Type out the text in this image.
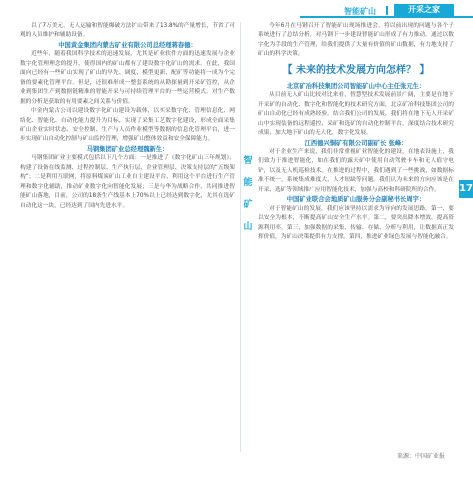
智能矿山	开采之家

以了7万美元，无人运输和智能爆破方法扩山带来了13.8%的产量增长，节省了可观的人员维护和辅助设备。

中国黄金集团内蒙古矿业有限公司总经理蒋春德：

近些年，随着我国科学技术的迅速发展，尤其是矿业软件方面的迅速发展与企业数字化管理理念的提升，使得国内的矿山都有了建设数字化矿山的需求。在此，我国面向已经有一些矿山实现了矿山的早先、调度、模型更新、配矿等功能将一成为个完备的要素化管理平台。但是，还很难形成一整套系统的从勘探量到开采矿管控，从企业到集团生产到数据链精准的智能开采与可持续管理平台的一些运营模式。对生产数据的分析是获取的有用要素之间关系与价值。

中金内蒙古公司以建设数字化矿山建设为载体，以买采数字化、管理信息化、网络化、智能化、自动化能力提升为目标，实现了采集工艺数字化建设，形成全面采集矿山企业实时状态、安全控制、生产与人员作业模型等数据的信息化管理平台，进一步实现矿山自动化控制与矿山监控管理，增强矿山整体效益和安全保障能力。

马钢集团矿业总经理魏新生：

马钢集团矿业主要模式包括以下几个方面：一是推进了《数字化矿山三年规划》，构建了设备在线监测、过程控制层、生产执行层、企业管理层、决策支持层的“五级架构”；二是利用互联网，将原料煤炭矿山工业自主建设平台，利用这个平台进行生产管理和数字化辅助，推动矿业数字化向智能化发展；三是与华为战略合作，共同推进智能矿山落地，目前，公司的18条生产线基本上70%以上已经达到数字化，尤其在选矿自动化这一块，已经达到了国内先进水平。

智
能
矿
山

今年6月在马钢召开了智能矿山现场推进会，将以前出现的问题与各个子系统进行了总结分析，对马钢下一步建设智能矿山形成了有力推动。通过以数字化为手段的生产管理，给我们提供了大量有价值的矿山数据，有力地支持了矿山的科学决策。

【 未来的技术发展方向怎样？ 】
北京矿冶科技集团公司智能矿山中心主任张元生：

从目前无人矿山比较对比来看，智慧型技术发展前景广阔，主要是在地下开采矿的自动化、数字化和智能化的技术研究方面，北京矿冶科技集团公司的矿山自动化已经有成熟经验。结合我们公司的发展，我们将在地下无人开采矿山中实现装备的远程遥控、采矿和选矿的自动化控制平台，深度结合技术研究成果，加大地下矿山的无人化，数字化发展。

江西德兴铜矿有限公司副矿长 张峰：

对于企业生产来说，我们非常重视矿业智能化的建设。在地表设施上，我们致力于推进智能化，如在我们的露天矿中使用自动驾驶卡车和无人值守电铲，以及无人机巡检技术。在推进的过程中，我们遇到了一些挑战，如数据标准不统一，系统集成难度大，人才短缺等问题。我们认为未来的方向应该是在开采、选矿等领域推广应用智能化技术，加强与高校和科研院所的合作。

中国矿业联合会地质矿山服务分会副秘书长周宇：

对于智能矿山的发展，我们应该坚持以需求为导向的发展思路。第一，要以安全为根本，不断提高矿山安全生产水平。第二，要突出降本增效，提高资源利用率。第三，加强数据的采集、传输、存储、分析与利用，让数据真正发挥价值，为矿山决策提供有力支撑。第四，推进矿业绿色发展与智能化融合。

17
来源：中国矿业报
